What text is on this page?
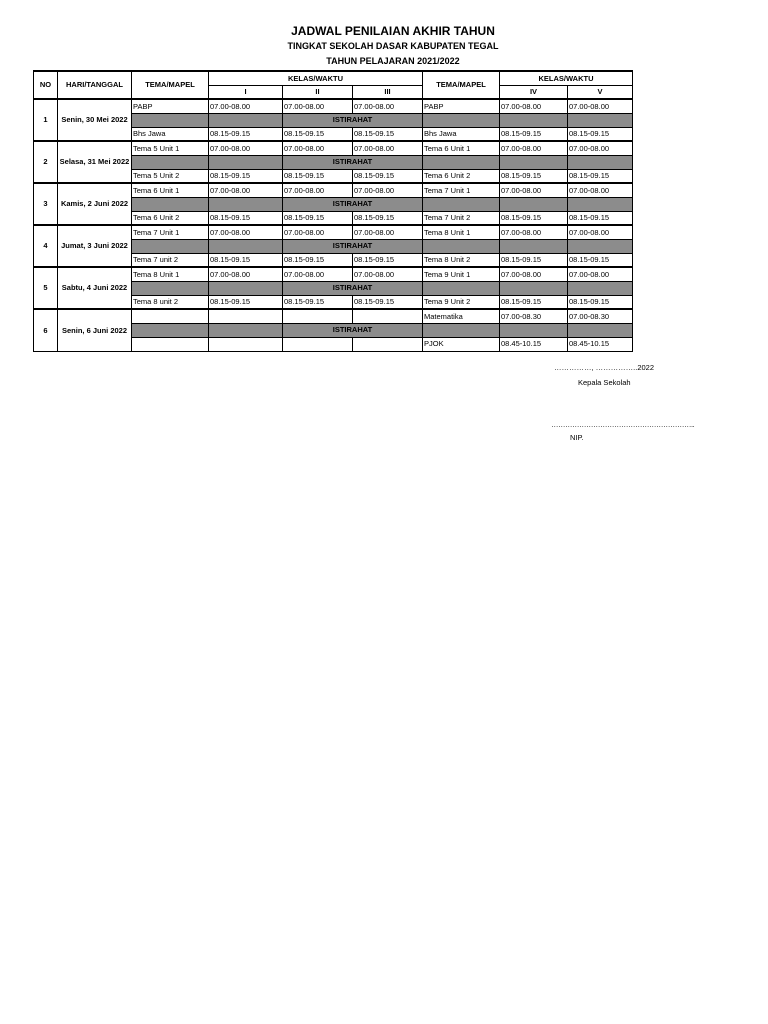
JADWAL PENILAIAN AKHIR TAHUN
TINGKAT SEKOLAH DASAR KABUPATEN TEGAL
TAHUN PELAJARAN 2021/2022
NO	HARI/TANGGAL	TEMA/MAPEL	KELAS/WAKTU			TEMA/MAPEL	KELAS/WAKTU	
			I	II	III		IV	V
1	Senin, 30 Mei 2022	PABP	07.00-08.00	07.00-08.00	07.00-08.00	PABP	07.00-08.00	07.00-08.00
				ISTIRAHAT				
		Bhs Jawa	08.15-09.15	08.15-09.15	08.15-09.15	Bhs Jawa	08.15-09.15	08.15-09.15
2	Selasa, 31 Mei 2022	Tema 5 Unit 1	07.00-08.00	07.00-08.00	07.00-08.00	Tema 6 Unit 1	07.00-08.00	07.00-08.00
				ISTIRAHAT				
		Tema 5 Unit 2	08.15-09.15	08.15-09.15	08.15-09.15	Tema 6 Unit 2	08.15-09.15	08.15-09.15
3	Kamis, 2 Juni 2022	Tema 6 Unit 1	07.00-08.00	07.00-08.00	07.00-08.00	Tema 7 Unit 1	07.00-08.00	07.00-08.00
				ISTIRAHAT				
		Tema 6 Unit 2	08.15-09.15	08.15-09.15	08.15-09.15	Tema 7 Unit 2	08.15-09.15	08.15-09.15
4	Jumat, 3 Juni 2022	Tema 7 Unit 1	07.00-08.00	07.00-08.00	07.00-08.00	Tema 8 Unit 1	07.00-08.00	07.00-08.00
				ISTIRAHAT				
		Tema 7 unit 2	08.15-09.15	08.15-09.15	08.15-09.15	Tema 8 Unit 2	08.15-09.15	08.15-09.15
5	Sabtu, 4 Juni 2022	Tema 8 Unit 1	07.00-08.00	07.00-08.00	07.00-08.00	Tema 9 Unit 1	07.00-08.00	07.00-08.00
				ISTIRAHAT				
		Tema 8 unit 2	08.15-09.15	08.15-09.15	08.15-09.15	Tema 9 Unit 2	08.15-09.15	08.15-09.15
6	Senin, 6 Juni 2022					Matematika	07.00-08.30	07.00-08.30
				ISTIRAHAT				
						PJOK	08.45-10.15	08.45-10.15
……………, ……………..2022
Kepala Sekolah
……………………………………………………..
NIP.
